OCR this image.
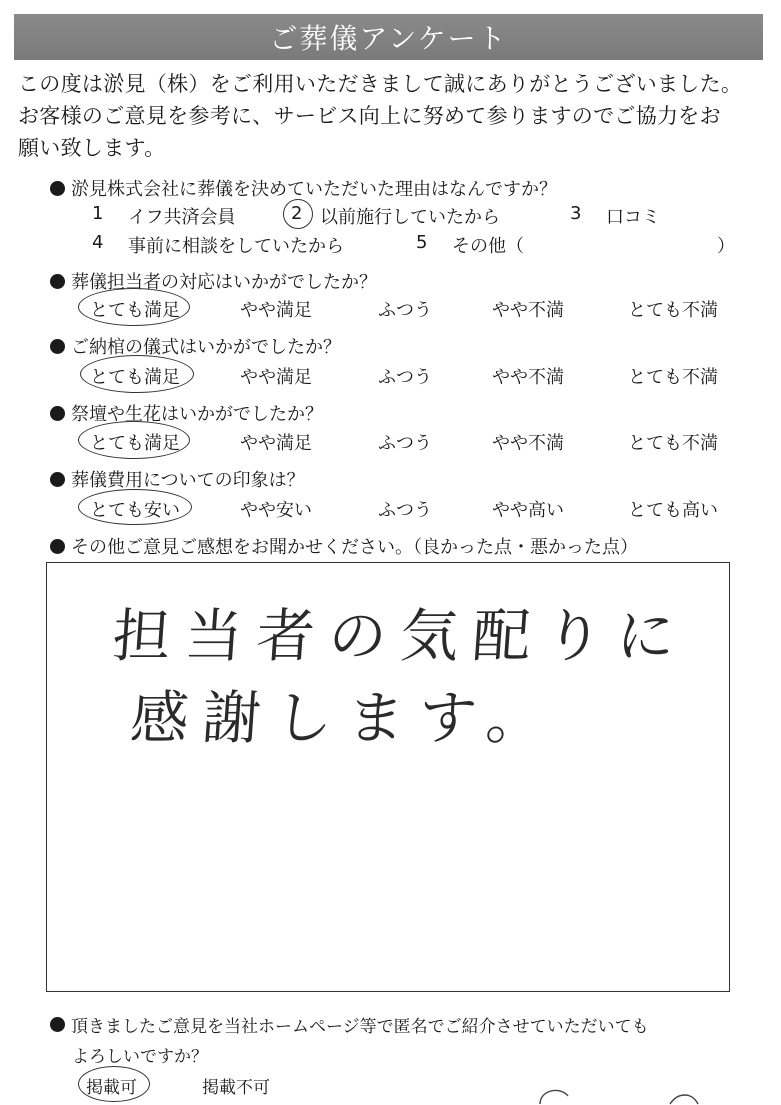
ご葬儀アンケート
この度は淤見（株）をご利用いただきまして誠にありがとうございました。
お客様のご意見を参考に、サービス向上に努めて参りますのでご協力をお
願い致します。
淤見株式会社に葬儀を決めていただいた理由はなんですか？
1 イフ共済会員	2 以前施行していたから	3 口コミ
4 事前に相談をしていたから	5 その他（	）
葬儀担当者の対応はいかがでしたか？
とても満足	やや満足	ふつう	やや不満	とても不満
ご納棺の儀式はいかがでしたか？
とても満足	やや満足	ふつう	やや不満	とても不満
祭壇や生花はいかがでしたか？
とても満足	やや満足	ふつう	やや不満	とても不満
葬儀費用についての印象は？
とても安い	やや安い	ふつう	やや高い	とても高い
その他ご意見ご感想をお聞かせください。（良かった点・悪かった点）
担当者の気配りに
感謝します。
頂きましたご意見を当社ホームページ等で匿名でご紹介させていただいても
よろしいですか？
掲載可	掲載不可
